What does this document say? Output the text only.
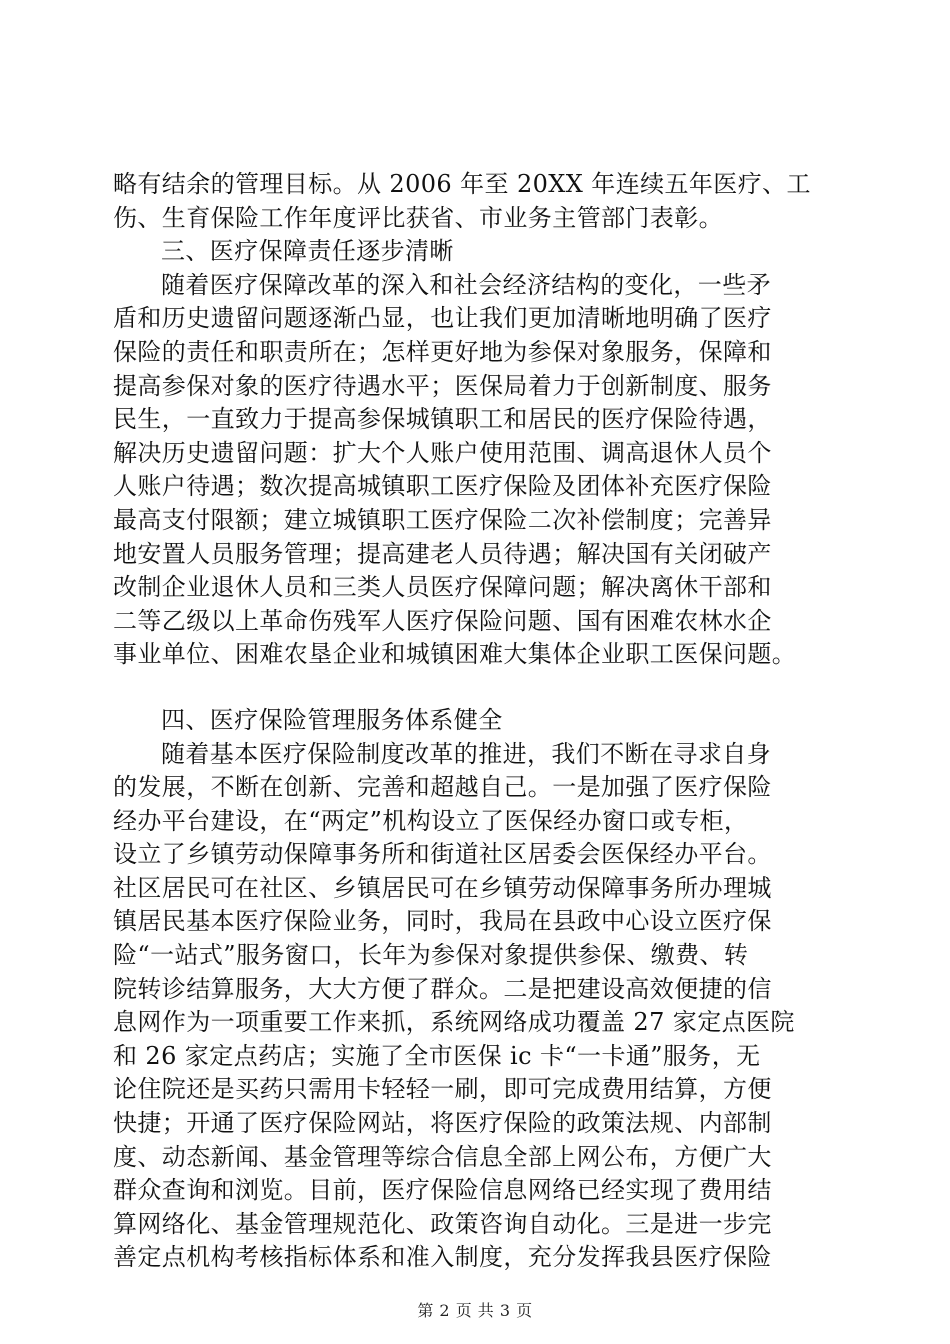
略有结余的管理目标。从 2006 年至 20XX 年连续五年医疗、工
伤、生育保险工作年度评比获省、市业务主管部门表彰。
三、医疗保障责任逐步清晰
随着医疗保障改革的深入和社会经济结构的变化，一些矛
盾和历史遗留问题逐渐凸显，也让我们更加清晰地明确了医疗
保险的责任和职责所在；怎样更好地为参保对象服务，保障和
提高参保对象的医疗待遇水平；医保局着力于创新制度、服务
民生，一直致力于提高参保城镇职工和居民的医疗保险待遇，
解决历史遗留问题：扩大个人账户使用范围、调高退休人员个
人账户待遇；数次提高城镇职工医疗保险及团体补充医疗保险
最高支付限额；建立城镇职工医疗保险二次补偿制度；完善异
地安置人员服务管理；提高建老人员待遇；解决国有关闭破产
改制企业退休人员和三类人员医疗保障问题；解决离休干部和
二等乙级以上革命伤残军人医疗保险问题、国有困难农林水企
事业单位、困难农垦企业和城镇困难大集体企业职工医保问题。
四、医疗保险管理服务体系健全
随着基本医疗保险制度改革的推进，我们不断在寻求自身
的发展，不断在创新、完善和超越自己。一是加强了医疗保险
经办平台建设，在“两定”机构设立了医保经办窗口或专柜，
设立了乡镇劳动保障事务所和街道社区居委会医保经办平台。
社区居民可在社区、乡镇居民可在乡镇劳动保障事务所办理城
镇居民基本医疗保险业务，同时，我局在县政中心设立医疗保
险“一站式”服务窗口，长年为参保对象提供参保、缴费、转
院转诊结算服务，大大方便了群众。二是把建设高效便捷的信
息网作为一项重要工作来抓，系统网络成功覆盖 27 家定点医院
和 26 家定点药店；实施了全市医保 ic 卡“一卡通”服务，无
论住院还是买药只需用卡轻轻一刷，即可完成费用结算，方便
快捷；开通了医疗保险网站，将医疗保险的政策法规、内部制
度、动态新闻、基金管理等综合信息全部上网公布，方便广大
群众查询和浏览。目前，医疗保险信息网络已经实现了费用结
算网络化、基金管理规范化、政策咨询自动化。三是进一步完
善定点机构考核指标体系和准入制度，充分发挥我县医疗保险
第 2 页 共 3 页
